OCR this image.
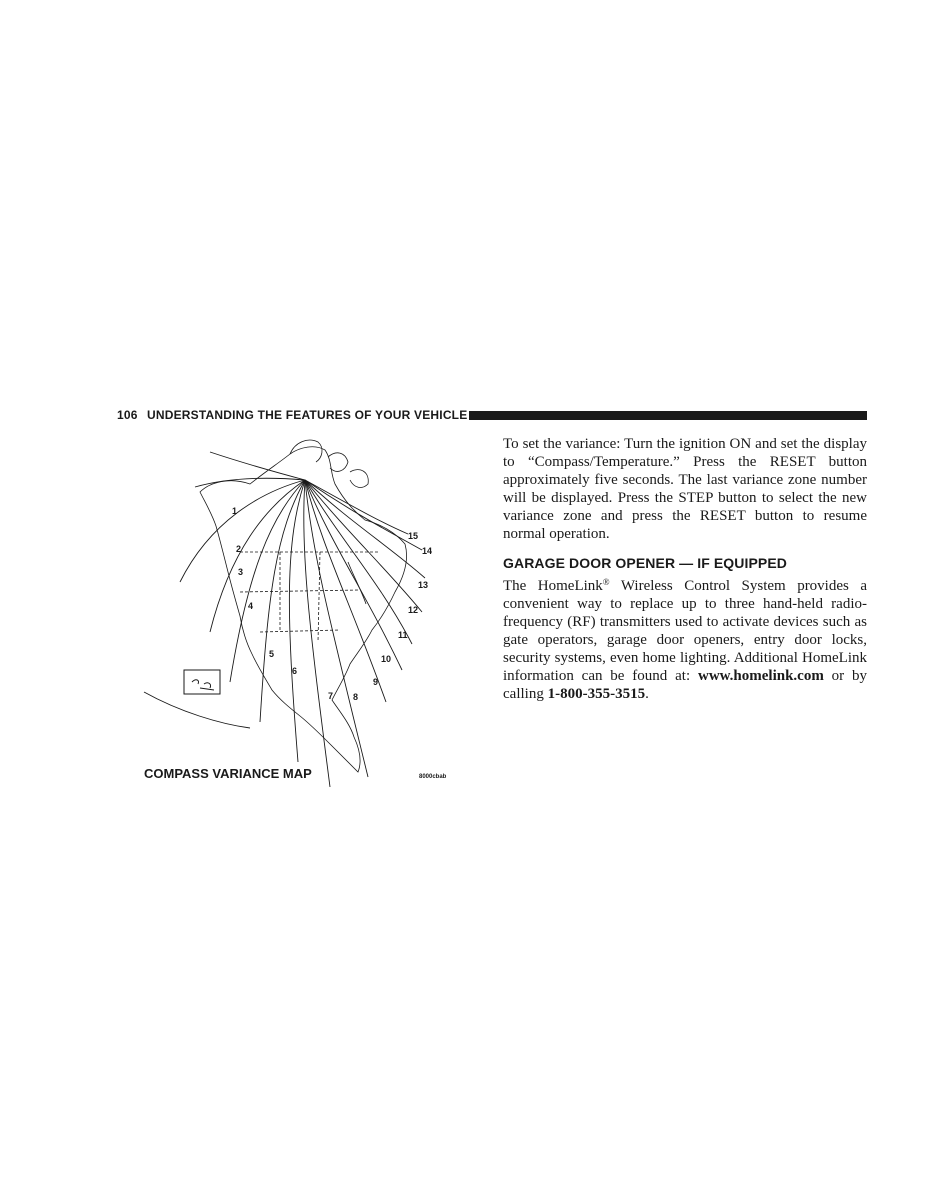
106 UNDERSTANDING THE FEATURES OF YOUR VEHICLE
1
2
3
4
5
6
7 8
9
10
11
12
13
14
15
COMPASS VARIANCE MAP	8000cbab

To set the variance: Turn the ignition ON and set the display to “Compass/Temperature.” Press the RESET button approximately five seconds. The last variance zone number will be displayed. Press the STEP button to select the new variance zone and press the RESET button to resume normal operation.

GARAGE DOOR OPENER — IF EQUIPPED

The HomeLink® Wireless Control System provides a convenient way to replace up to three hand-held radio-frequency (RF) transmitters used to activate devices such as gate operators, garage door openers, entry door locks, security systems, even home lighting. Additional HomeLink information can be found at: www.homelink.com or by calling 1-800-355-3515.
